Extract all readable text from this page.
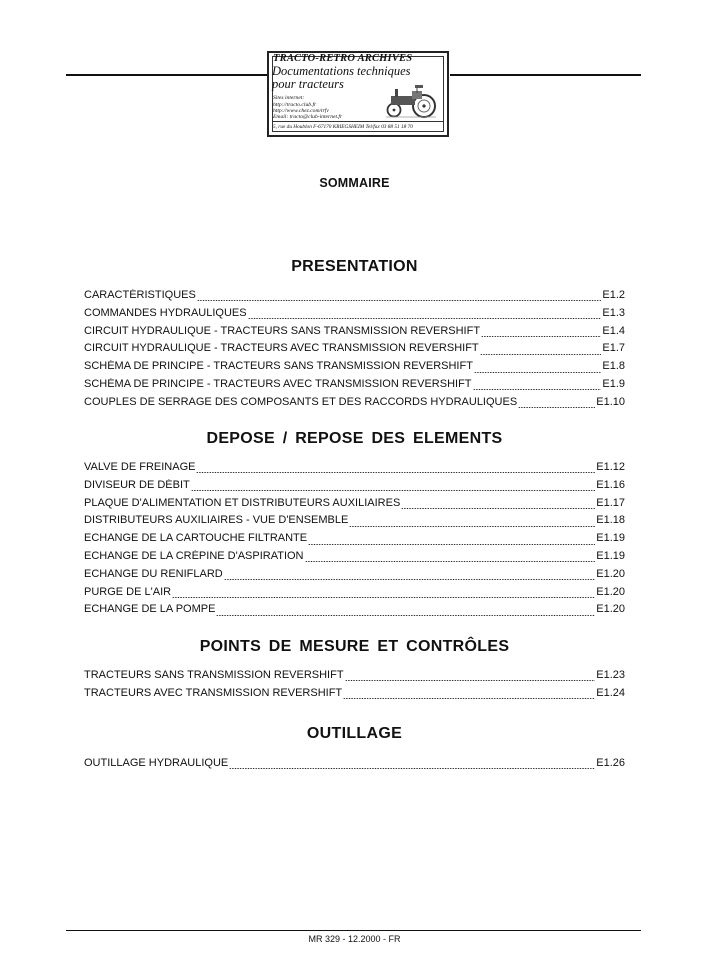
TRACTO-RETRO ARCHIVES
Documentations techniques
pour tracteurs
Sites internet:
http://tracto.club.fr
http://www.chez.com/trfv
Email: tracto@club-internet.fr
5, rue du Houblon F-67170 KRIEGSHEIM Tel/fax 03 88 51 18 70
SOMMAIRE
PRESENTATION
CARACTÉRISTIQUES	E1.2
COMMANDES HYDRAULIQUES	E1.3
CIRCUIT HYDRAULIQUE - TRACTEURS SANS TRANSMISSION REVERSHIFT	E1.4
CIRCUIT HYDRAULIQUE - TRACTEURS AVEC TRANSMISSION REVERSHIFT	E1.7
SCHÉMA DE PRINCIPE - TRACTEURS SANS TRANSMISSION REVERSHIFT	E1.8
SCHÉMA DE PRINCIPE - TRACTEURS AVEC TRANSMISSION REVERSHIFT	E1.9
COUPLES DE SERRAGE DES COMPOSANTS ET DES RACCORDS HYDRAULIQUES	E1.10
DEPOSE / REPOSE DES ELEMENTS
VALVE DE FREINAGE	E1.12
DIVISEUR DE DÉBIT	E1.16
PLAQUE D'ALIMENTATION ET DISTRIBUTEURS AUXILIAIRES	E1.17
DISTRIBUTEURS AUXILIAIRES - VUE D'ENSEMBLE	E1.18
ECHANGE DE LA CARTOUCHE FILTRANTE	E1.19
ECHANGE DE LA CRÉPINE D'ASPIRATION	E1.19
ECHANGE DU RENIFLARD	E1.20
PURGE DE L'AIR	E1.20
ECHANGE DE LA POMPE	E1.20
POINTS DE MESURE ET CONTRÔLES
TRACTEURS SANS TRANSMISSION REVERSHIFT	E1.23
TRACTEURS AVEC TRANSMISSION REVERSHIFT	E1.24
OUTILLAGE
OUTILLAGE HYDRAULIQUE	E1.26
MR 329 - 12.2000 - FR
